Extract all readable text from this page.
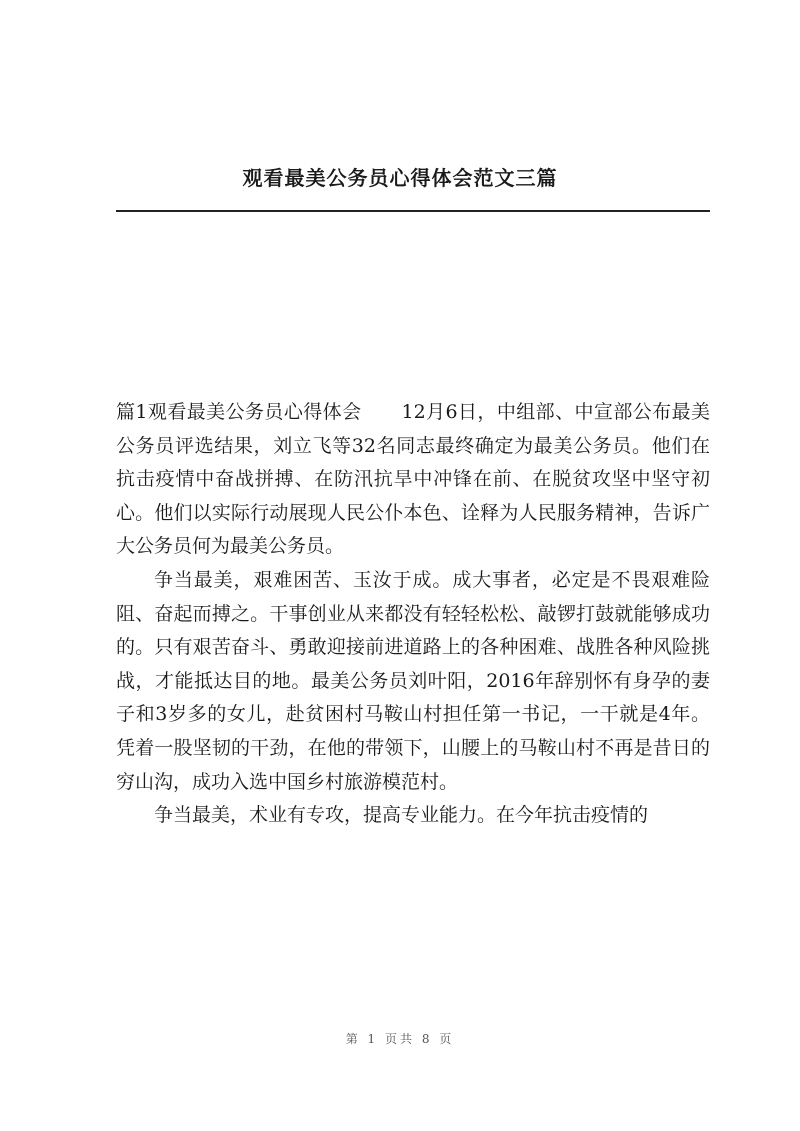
观看最美公务员心得体会范文三篇

篇1观看最美公务员心得体会 12月6日，中组部、中宣部公布最美公务员评选结果，刘立飞等32名同志最终确定为最美公务员。他们在抗击疫情中奋战拼搏、在防汛抗旱中冲锋在前、在脱贫攻坚中坚守初心。他们以实际行动展现人民公仆本色、诠释为人民服务精神，告诉广大公务员何为最美公务员。

争当最美，艰难困苦、玉汝于成。成大事者，必定是不畏艰难险阻、奋起而搏之。干事创业从来都没有轻轻松松、敲锣打鼓就能够成功的。只有艰苦奋斗、勇敢迎接前进道路上的各种困难、战胜各种风险挑战，才能抵达目的地。最美公务员刘叶阳，2016年辞别怀有身孕的妻子和3岁多的女儿，赴贫困村马鞍山村担任第一书记，一干就是4年。凭着一股坚韧的干劲，在他的带领下，山腰上的马鞍山村不再是昔日的穷山沟，成功入选中国乡村旅游模范村。

争当最美，术业有专攻，提高专业能力。在今年抗击疫情的

第 1 页共 8 页
